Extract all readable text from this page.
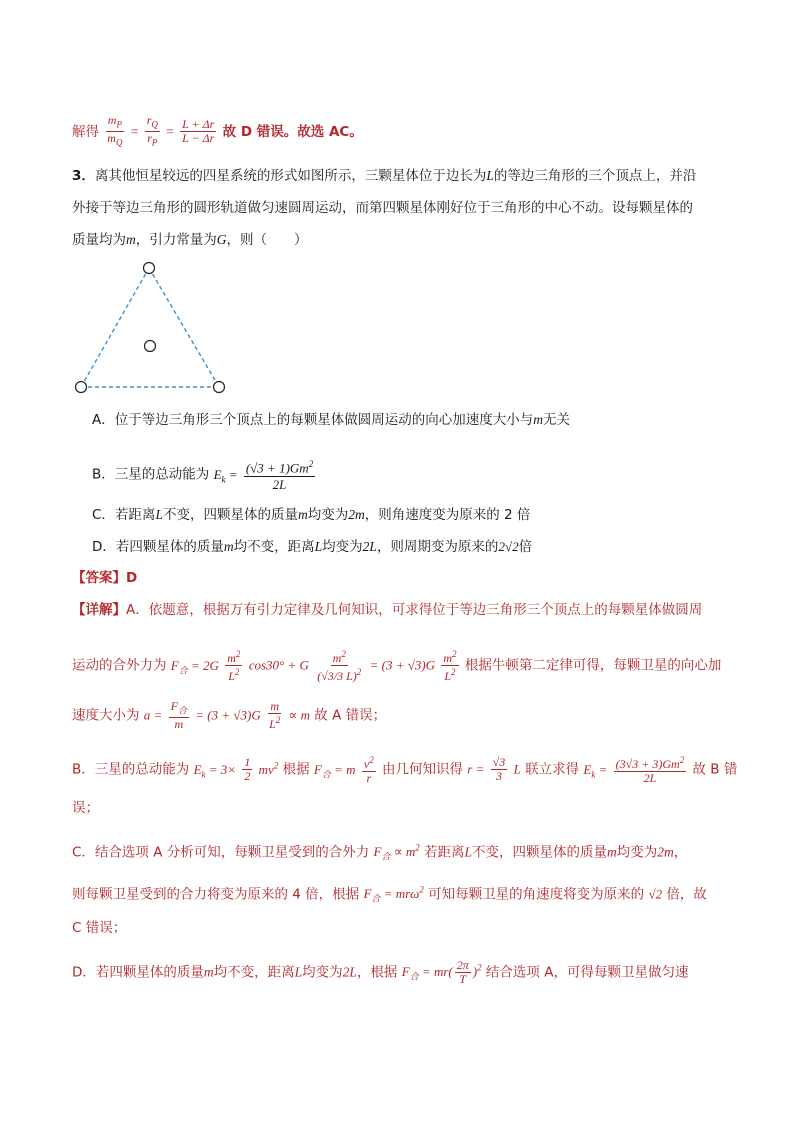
解得 $\frac{m_P}{m_Q} = \frac{r_Q}{r_P} = \frac{L + \Delta r}{L - \Delta r}$ 故 D 错误。故选 AC。
3．离其他恒星较远的四星系统的形式如图所示，三颗星体位于边长为L的等边三角形的三个顶点上，并沿
外接于等边三角形的圆形轨道做匀速圆周运动，而第四颗星体刚好位于三角形的中心不动。设每颗星体的
质量均为m，引力常量为G，则（　　）
A．位于等边三角形三个顶点上的每颗星体做圆周运动的向心加速度大小与m无关
B．三星的总动能为 $E_k = \frac{(√3 + 1)Gm^2}{2L}$
C．若距离L不变，四颗星体的质量m均变为2m，则角速度变为原来的 2 倍
D．若四颗星体的质量m均不变，距离L均变为2L，则周期变为原来的2√2倍
【答案】D
【详解】A．依题意，根据万有引力定律及几何知识，可求得位于等边三角形三个顶点上的每颗星体做圆周
运动的合外力为 $F_合 = 2G \frac{m^2}{L^2} \cos 30^\circ + G \frac{m^2}{(√3/3 L)^2} = (3 + √3)G \frac{m^2}{L^2}$ 根据牛顿第二定律可得，每颗卫星的向心加
速度大小为 $a = \frac{F_合}{m} = (3 + √3)G \frac{m}{L^2} \propto m$ 故 A 错误；
B．三星的总动能为 $E_k = 3\times \frac{1}{2} mv^2$ 根据 $F_合 = m \frac{v^2}{r}$ 由几何知识得 $r = \frac{√3}{3}$ L 联立求得 $E_k = \frac{(3√3 + 3)Gm^2}{2L}$ 故 B 错
误；
C．结合选项 A 分析可知，每颗卫星受到的合外力 $F_合 \propto m^2$ 若距离L不变，四颗星体的质量m均变为2m，
则每颗卫星受到的合力将变为原来的 4 倍，根据 $F_合 = mr\omega^2$ 可知每颗卫星的角速度将变为原来的 √2 倍，故
C 错误；
D．若四颗星体的质量m均不变，距离L均变为2L，根据 $F_合 = mr( \frac{2\pi}{T} )^2$ 结合选项 A，可得每颗卫星做匀速
